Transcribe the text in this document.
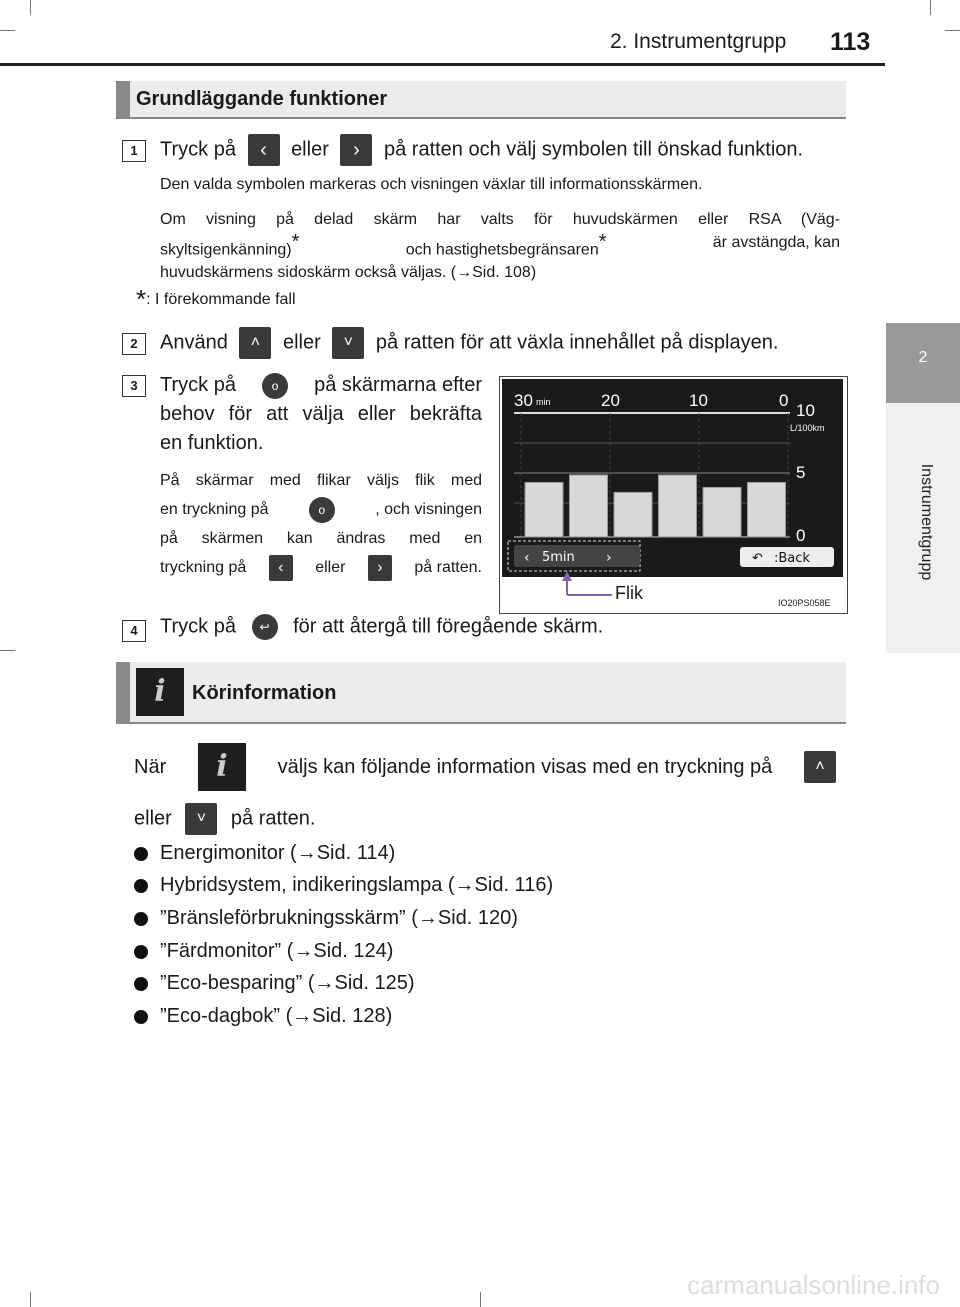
2. Instrumentgrupp 113
2
Instrumentgrupp
Grundläggande funktioner
1	Tryck på ‹ eller › på ratten och välj symbolen till önskad funktion.
Den valda symbolen markeras och visningen växlar till informationsskärmen.
Om visning på delad skärm har valts för huvudskärmen eller RSA (Väg-
skyltsigenkänning)*	och hastighetsbegränsaren*	är avstängda, kan
huvudskärmens sidoskärm också väljas. (→Sid. 108)
*: I förekommande fall
2	Använd ˄ eller ˅ på ratten för att växla innehållet på displayen.
3	Tryck på	o	på skärmarna efter
behov för att välja eller bekräfta
en funktion.
På skärmar med flikar väljs flik med
en tryckning på	o	, och visningen
på skärmen kan ändras med en
tryckning på	‹	eller	›	på ratten.
‹ 5min ›	↶ :Back
30 min	20	10	0
10
L/100km
5
0
Flik	IO20PS058E
4	Tryck på ↩ för att återgå till föregående skärm.
i	Körinformation
När	i	väljs kan följande information visas med en tryckning på	˄
eller ˅ på ratten.
Energimonitor (→Sid. 114)
Hybridsystem, indikeringslampa (→Sid. 116)
”Bränsleförbrukningsskärm” (→Sid. 120)
”Färdmonitor” (→Sid. 124)
”Eco-besparing” (→Sid. 125)
”Eco-dagbok” (→Sid. 128)
carmanualsonline.info
